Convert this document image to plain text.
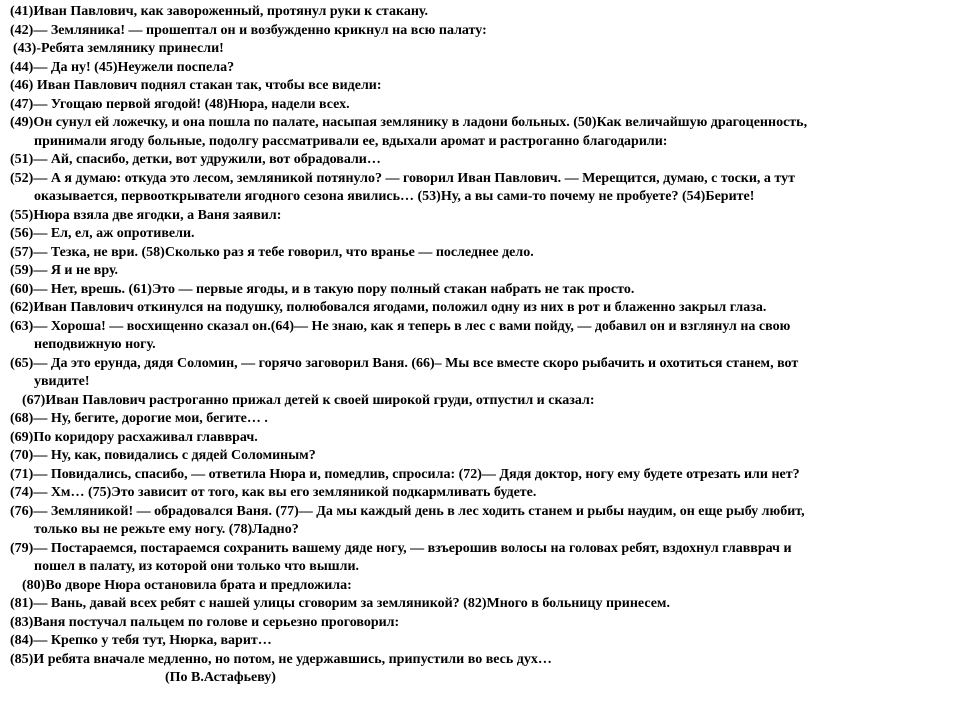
(41)Иван Павлович, как завороженный, протянул руки к стакану.
(42)— Земляника! — прошептал он и возбужденно крикнул на всю палату:
(43)-Ребята землянику принесли!
(44)— Да ну! (45)Неужели поспела?
(46) Иван Павлович поднял стакан так, чтобы все видели:
(47)— Угощаю первой ягодой! (48)Нюра, надели всех.
(49)Он сунул ей ложечку, и она пошла по палате, насыпая землянику в ладони больных. (50)Как величайшую драгоценность,
принимали ягоду больные, подолгу рассматривали ее, вдыхали аромат и растроганно благодарили:
(51)— Ай, спасибо, детки, вот удружили, вот обрадовали…
(52)— А я думаю: откуда это лесом, земляникой потянуло? — говорил Иван Павлович. — Мерещится, думаю, с тоски, а тут
оказывается, первооткрыватели ягодного сезона явились… (53)Ну, а вы сами-то почему не пробуете? (54)Берите!
(55)Нюра взяла две ягодки, а Ваня заявил:
(56)— Ел, ел, аж опротивели.
(57)— Тезка, не ври. (58)Сколько раз я тебе говорил, что вранье — последнее дело.
(59)— Я и не вру.
(60)— Нет, врешь. (61)Это — первые ягоды, и в такую пору полный стакан набрать не так просто.
(62)Иван Павлович откинулся на подушку, полюбовался ягодами, положил одну из них в рот и блаженно закрыл глаза.
(63)— Хороша! — восхищенно сказал он.(64)— Не знаю, как я теперь в лес с вами пойду, — добавил он и взглянул на свою
неподвижную ногу.
(65)— Да это ерунда, дядя Соломин, — горячо заговорил Ваня. (66)– Мы все вместе скоро рыбачить и охотиться станем, вот
увидите!
(67)Иван Павлович растроганно прижал детей к своей широкой груди, отпустил и сказал:
(68)— Ну, бегите, дорогие мои, бегите… .
(69)По коридору расхаживал главврач.
(70)— Ну, как, повидались с дядей Соломиным?
(71)— Повидались, спасибо, — ответила Нюра и, помедлив, спросила: (72)— Дядя доктор, ногу ему будете отрезать или нет?
(74)— Хм… (75)Это зависит от того, как вы его земляникой подкармливать будете.
(76)— Земляникой! — обрадовался Ваня. (77)— Да мы каждый день в лес ходить станем и рыбы наудим, он еще рыбу любит,
только вы не режьте ему ногу. (78)Ладно?
(79)— Постараемся, постараемся сохранить вашему дяде ногу, — взъерошив волосы на головах ребят, вздохнул главврач и
пошел в палату, из которой они только что вышли.
(80)Во дворе Нюра остановила брата и предложила:
(81)— Вань, давай всех ребят с нашей улицы сговорим за земляникой? (82)Много в больницу принесем.
(83)Ваня постучал пальцем по голове и серьезно проговорил:
(84)— Крепко у тебя тут, Нюрка, варит…
(85)И ребята вначале медленно, но потом, не удержавшись, припустили во весь дух…
(По В.Астафьеву)
